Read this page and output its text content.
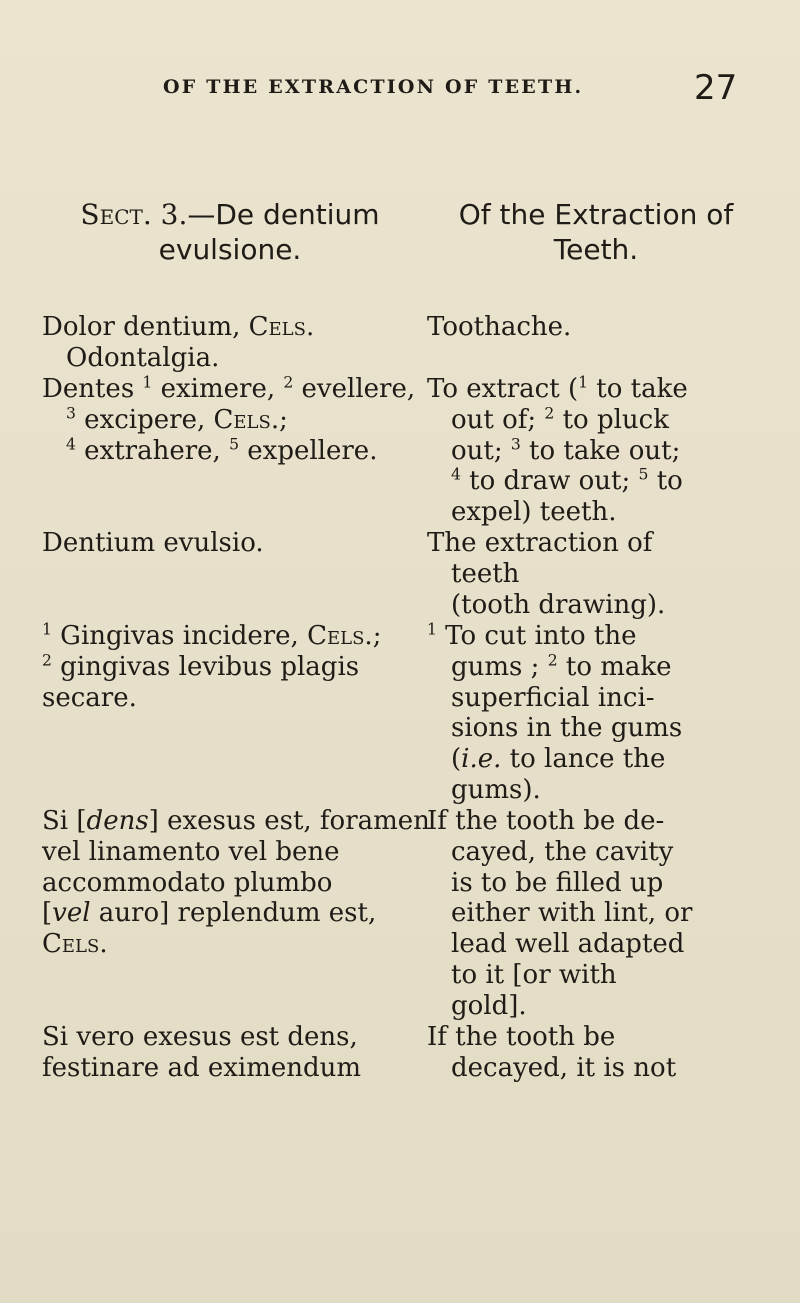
OF THE EXTRACTION OF TEETH.	27
Sect. 3.—De dentium
evulsione.
Of the Extraction of
Teeth.
Dolor dentium, Cels.
Odontalgia.
Dentes $^1$ eximere, $^2$ evellere,
$^3$ excipere, Cels.;
$^4$ extrahere, $^5$ expellere.
Dentium evulsio.
$^1$ Gingivas incidere, Cels.;
$^2$ gingivas levibus plagis
secare.
Si [dens] exesus est, foramen
vel linamento vel bene
accommodato plumbo
[vel auro] replendum est,
Cels.
Si vero exesus est dens,
festinare ad eximendum
Toothache.
To extract ($^1$ to take
out of; $^2$ to pluck
out; $^3$ to take out;
$^4$ to draw out; $^5$ to
expel) teeth.
The extraction of
teeth
(tooth drawing).
$^1$ To cut into the
gums ; $^2$ to make
superficial inci-
sions in the gums
(i.e. to lance the
gums).
If the tooth be de-
cayed, the cavity
is to be filled up
either with lint, or
lead well adapted
to it [or with
gold].
If the tooth be
decayed, it is not
